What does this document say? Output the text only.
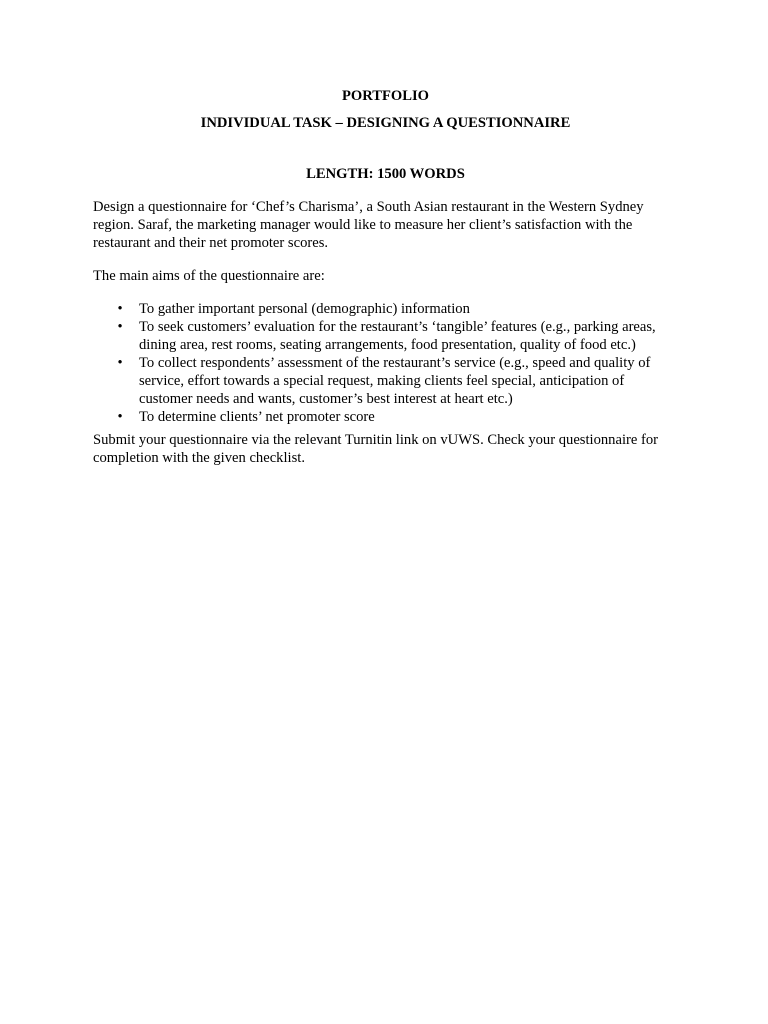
PORTFOLIO

INDIVIDUAL TASK – DESIGNING A QUESTIONNAIRE

LENGTH: 1500 WORDS

Design a questionnaire for ‘Chef’s Charisma’, a South Asian restaurant in the Western Sydney region. Saraf, the marketing manager would like to measure her client’s satisfaction with the restaurant and their net promoter scores.

The main aims of the questionnaire are:

• To gather important personal (demographic) information
• To seek customers’ evaluation for the restaurant’s ‘tangible’ features (e.g., parking areas, dining area, rest rooms, seating arrangements, food presentation, quality of food etc.)
• To collect respondents’ assessment of the restaurant’s service (e.g., speed and quality of service, effort towards a special request, making clients feel special, anticipation of customer needs and wants, customer’s best interest at heart etc.)
• To determine clients’ net promoter score

Submit your questionnaire via the relevant Turnitin link on vUWS. Check your questionnaire for completion with the given checklist.
